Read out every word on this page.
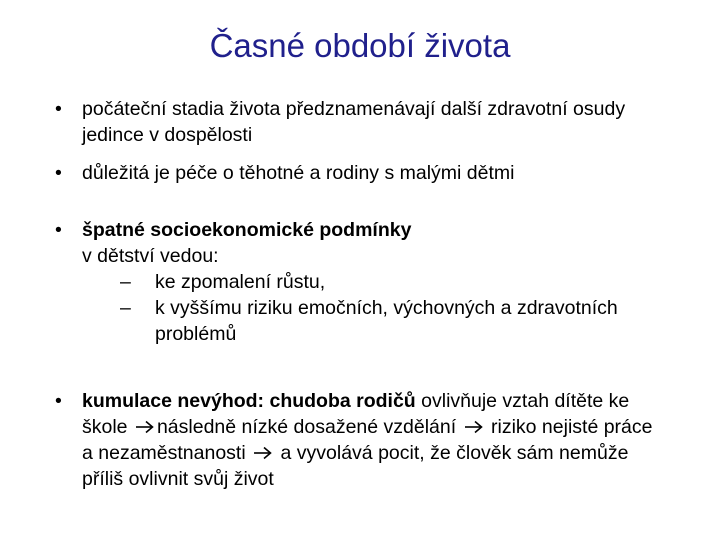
Časné období života
•	počáteční stadia života předznamenávají další zdravotní osudy jedince v dospělosti
•	důležitá je péče o těhotné a rodiny s malými dětmi
•	špatné socioekonomické podmínky
v dětství vedou:
– ke zpomalení růstu,
– k vyššímu riziku emočních, výchovných a zdravotních problémů
•	kumulace nevýhod: chudoba rodičů ovlivňuje vztah dítěte ke škole
následně nízké dosažené vzdělání
riziko nejisté práce a nezaměstnanosti
a vyvolává pocit, že člověk sám nemůže příliš ovlivnit svůj život
